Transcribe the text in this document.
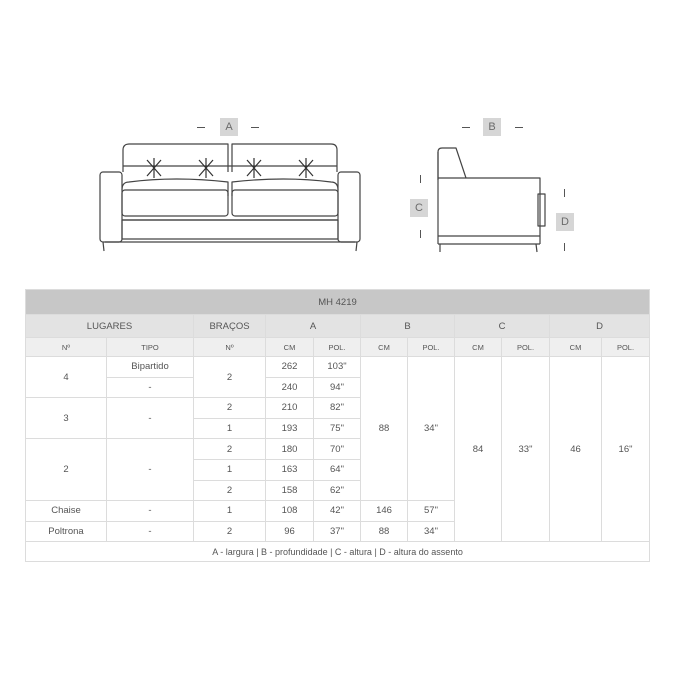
A	B
C
D
MH 4219										
LUGARES		BRAÇOS	A		B		C		D	
Nº	TIPO	Nº	CM	POL.	CM	POL.	CM	POL.	CM	POL.
4	Bipartido	2	262	103"	88	34"	84	33"	46	16"
	-		240	94"						
3	-	2	210	82"						
		1	193	75"						
2	-	2	180	70"						
		1	163	64"						
		2	158	62"						
Chaise	-	1	108	42"	146	57"				
Poltrona	-	2	96	37"	88	34"				
A - largura | B - profundidade | C - altura | D - altura do assento										
